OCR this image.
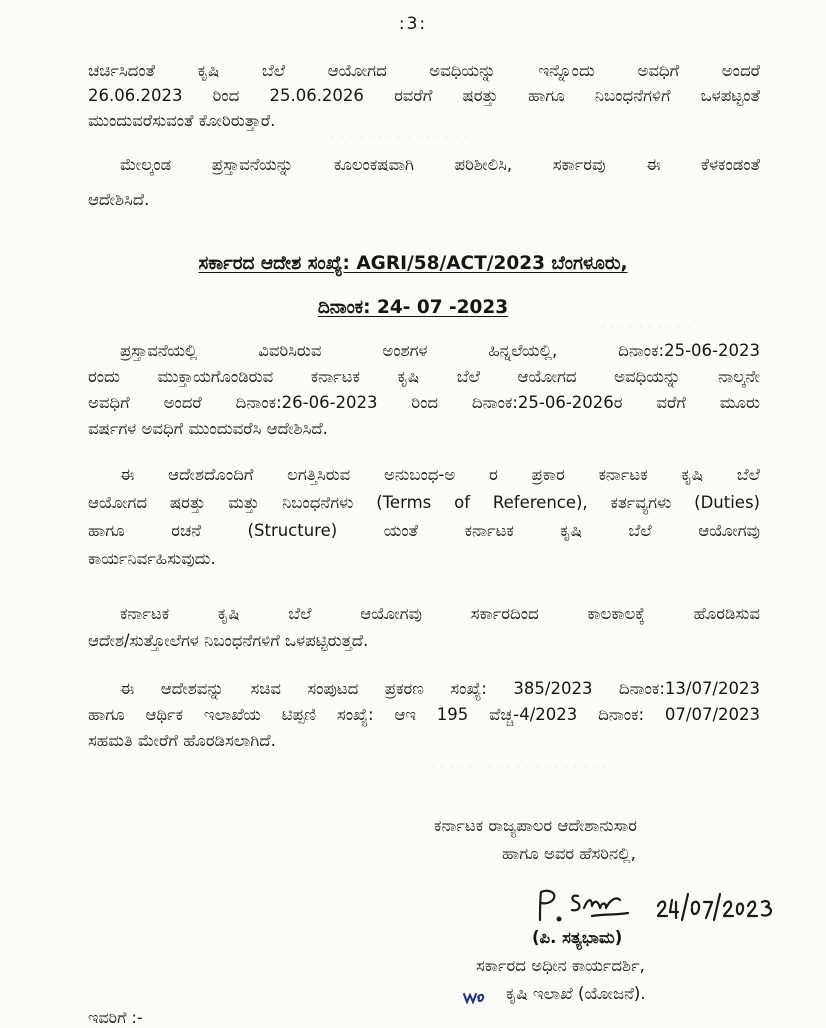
· · · · · · · · · · · · · · ·
· · · · · · · · · ·
· · · · · · · · · · · · · · · · · · ·
:3:
ಚರ್ಚಿಸಿದಂತೆ ಕೃಷಿ ಬೆಲೆ ಆಯೋಗದ ಅವಧಿಯನ್ನು ಇನ್ನೊಂದು ಅವಧಿಗೆ ಅಂದರೆ
26.06.2023 ರಿಂದ 25.06.2026 ರವರೆಗೆ ಷರತ್ತು ಹಾಗೂ ನಿಬಂಧನೆಗಳಿಗೆ ಒಳಪಟ್ಟಂತೆ
ಮುಂದುವರೆಸುವಂತೆ ಕೋರಿರುತ್ತಾರೆ.
ಮೇಲ್ಕಂಡ ಪ್ರಸ್ತಾವನೆಯನ್ನು ಕೂಲಂಕಷವಾಗಿ ಪರಿಶೀಲಿಸಿ, ಸರ್ಕಾರವು ಈ ಕೆಳಕಂಡಂತೆ
ಆದೇಶಿಸಿದೆ.
ಸರ್ಕಾರದ ಆದೇಶ ಸಂಖ್ಯೆ: AGRI/58/ACT/2023 ಬೆಂಗಳೂರು,
ದಿನಾಂಕ: 24- 07 -2023
ಪ್ರಸ್ತಾವನೆಯಲ್ಲಿ ವಿವರಿಸಿರುವ ಅಂಶಗಳ ಹಿನ್ನಲೆಯಲ್ಲಿ, ದಿನಾಂಕ:25-06-2023
ರಂದು ಮುಕ್ತಾಯಗೊಂಡಿರುವ ಕರ್ನಾಟಕ ಕೃಷಿ ಬೆಲೆ ಆಯೋಗದ ಅವಧಿಯನ್ನು ನಾಲ್ಕನೇ
ಅವಧಿಗೆ ಅಂದರೆ ದಿನಾಂಕ:26-06-2023 ರಿಂದ ದಿನಾಂಕ:25-06-2026ರ ವರೆಗೆ ಮೂರು
ವರ್ಷಗಳ ಅವಧಿಗೆ ಮುಂದುವರೆಸಿ ಆದೇಶಿಸಿದೆ.
ಈ ಆದೇಶದೊಂದಿಗೆ ಲಗತ್ತಿಸಿರುವ ಅನುಬಂಧ-ಅ ರ ಪ್ರಕಾರ ಕರ್ನಾಟಕ ಕೃಷಿ ಬೆಲೆ
ಆಯೋಗದ ಷರತ್ತು ಮತ್ತು ನಿಬಂಧನೆಗಳು (Terms of Reference), ಕರ್ತವ್ಯಗಳು (Duties)
ಹಾಗೂ ರಚನೆ (Structure) ಯಂತೆ ಕರ್ನಾಟಕ ಕೃಷಿ ಬೆಲೆ ಆಯೋಗವು
ಕಾರ್ಯನಿರ್ವಹಿಸುವುದು.
ಕರ್ನಾಟಕ ಕೃಷಿ ಬೆಲೆ ಆಯೋಗವು ಸರ್ಕಾರದಿಂದ ಕಾಲಕಾಲಕ್ಕೆ ಹೊರಡಿಸುವ
ಆದೇಶ/ಸುತ್ತೋಲೆಗಳ ನಿಬಂಧನೆಗಳಿಗೆ ಒಳಪಟ್ಟಿರುತ್ತದೆ.
ಈ ಆದೇಶವನ್ನು ಸಚಿವ ಸಂಪುಟದ ಪ್ರಕರಣ ಸಂಖ್ಯೆ: 385/2023 ದಿನಾಂಕ:13/07/2023
ಹಾಗೂ ಆರ್ಥಿಕ ಇಲಾಖೆಯ ಟಿಪ್ಪಣಿ ಸಂಖ್ಯೆ: ಆಇ 195 ವೆಚ್ಚ-4/2023 ದಿನಾಂಕ: 07/07/2023
ಸಹಮತಿ ಮೇರೆಗೆ ಹೊರಡಿಸಲಾಗಿದೆ.
ಕರ್ನಾಟಕ ರಾಜ್ಯಪಾಲರ ಆದೇಶಾನುಸಾರ
ಹಾಗೂ ಅವರ ಹೆಸರಿನಲ್ಲಿ,
(ಪಿ. ಸತ್ಯಭಾಮ)
ಸರ್ಕಾರದ ಅಧೀನ ಕಾರ್ಯದರ್ಶಿ,
ಕೃಷಿ ಇಲಾಖೆ (ಯೋಜನೆ).
ಇವರಿಗೆ :-
